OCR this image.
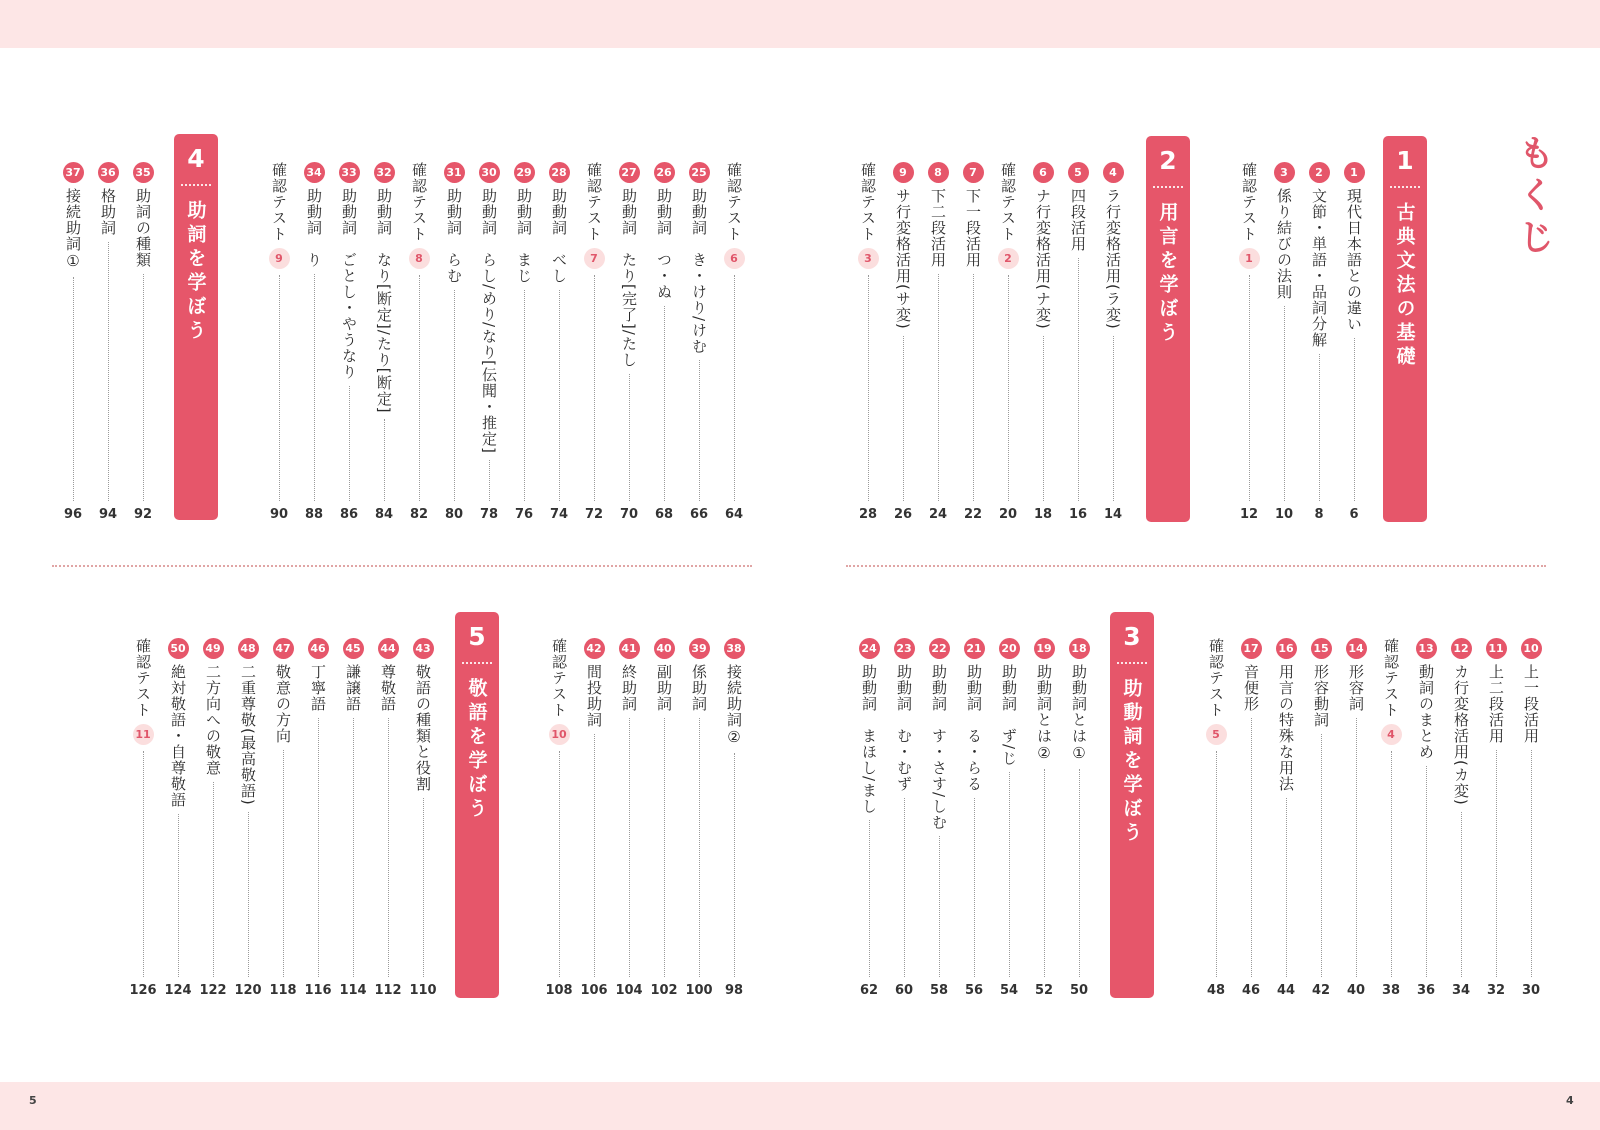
5	4
もくじ
1
古典文法の基礎
2
用言を学ぼう
4
助詞を学ぼう
3
助動詞を学ぼう
5
敬語を学ぼう
1
現代日本語との違い
6
2
文節・単語・品詞分解
8
3
係り結びの法則
10
確認テスト
1
12
4
ラ行変格活用(ラ変)
14
5
四段活用
16
6
ナ行変格活用(ナ変)
18
確認テスト
2
20
7
下一段活用
22
8
下二段活用
24
9
サ行変格活用(サ変)
26
確認テスト
3
28
確認テスト
6
64
25
助動詞　き・けり/けむ
66
26
助動詞　つ・ぬ
68
27
助動詞　たり[完了]/たし
70
確認テスト
7
72
28
助動詞　べし
74
29
助動詞　まじ
76
30
助動詞　らし/めり/なり[伝聞・推定]
78
31
助動詞　らむ
80
確認テスト
8
82
32
助動詞　なり[断定]/たり[断定]
84
33
助動詞　ごとし・やうなり
86
34
助動詞　り
88
確認テスト
9
90
35
助詞の種類
92
36
格助詞
94
37
接続助詞①
96
10
上一段活用
30
11
上二段活用
32
12
カ行変格活用(カ変)
34
13
動詞のまとめ
36
確認テスト
4
38
14
形容詞
40
15
形容動詞
42
16
用言の特殊な用法
44
17
音便形
46
確認テスト
5
48
18
助動詞とは①
50
19
助動詞とは②
52
20
助動詞　ず/じ
54
21
助動詞　る・らる
56
22
助動詞　す・さす/しむ
58
23
助動詞　む・むず
60
24
助動詞　まほし/まし
62
38
接続助詞②
98
39
係助詞
100
40
副助詞
102
41
終助詞
104
42
間投助詞
106
確認テスト
10
108
43
敬語の種類と役割
110
44
尊敬語
112
45
謙譲語
114
46
丁寧語
116
47
敬意の方向
118
48
二重尊敬(最高敬語)
120
49
二方向への敬意
122
50
絶対敬語・自尊敬語
124
確認テスト
11
126
